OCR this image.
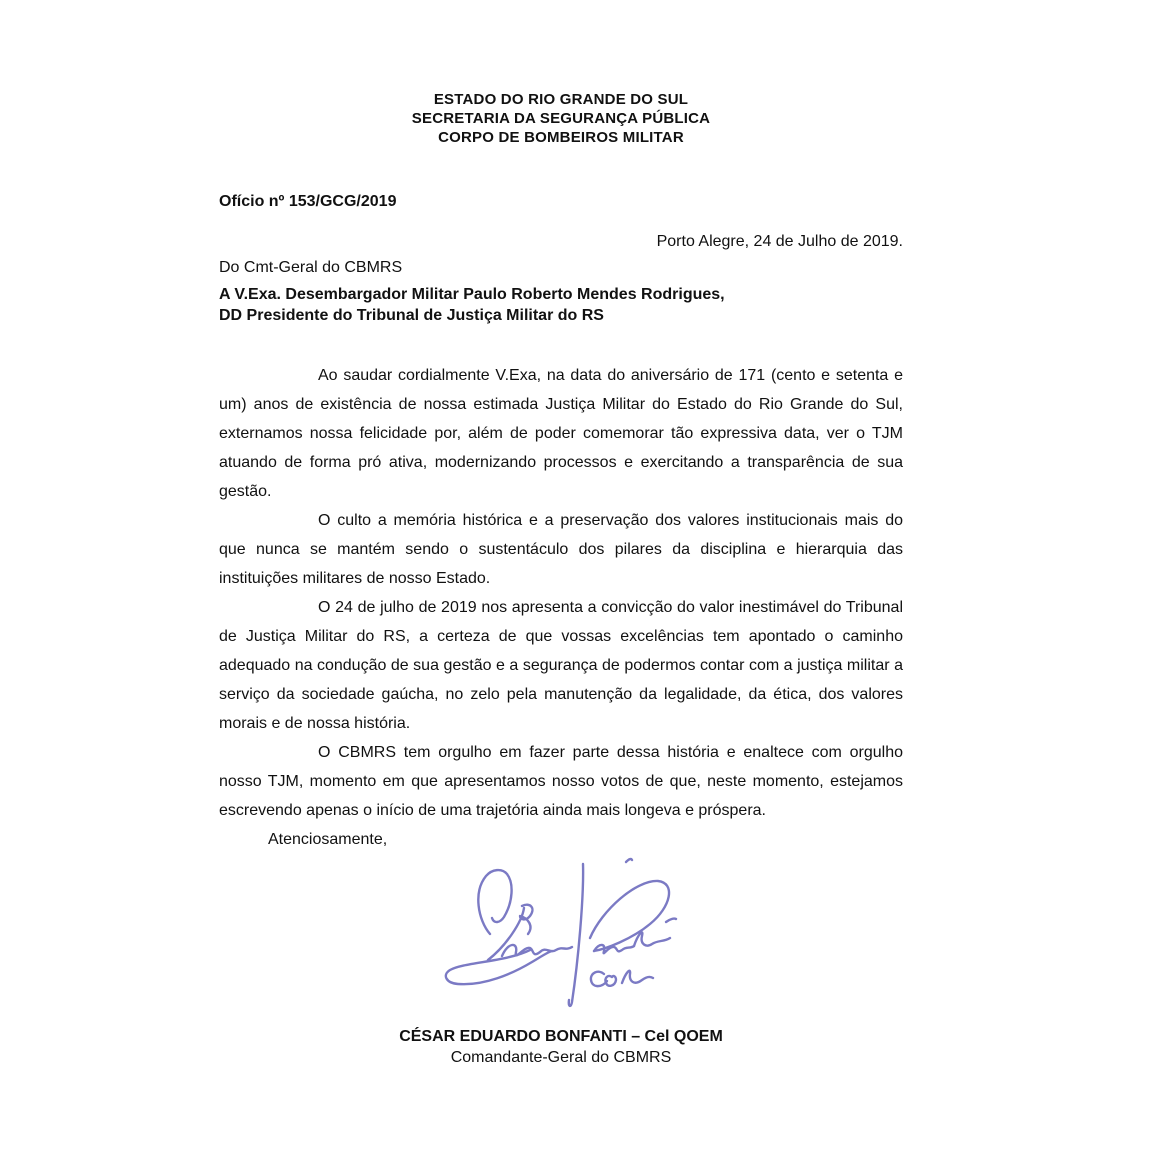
ESTADO DO RIO GRANDE DO SUL
SECRETARIA DA SEGURANÇA PÚBLICA
CORPO DE BOMBEIROS MILITAR
Ofício nº 153/GCG/2019
Porto Alegre, 24 de Julho de 2019.
Do Cmt-Geral do CBMRS
A V.Exa. Desembargador Militar Paulo Roberto Mendes Rodrigues,
DD Presidente do Tribunal de Justiça Militar do RS

Ao saudar cordialmente V.Exa, na data do aniversário de 171 (cento e setenta e um) anos de existência de nossa estimada Justiça Militar do Estado do Rio Grande do Sul, externamos nossa felicidade por, além de poder comemorar tão expressiva data, ver o TJM atuando de forma pró ativa, modernizando processos e exercitando a transparência de sua gestão.

O culto a memória histórica e a preservação dos valores institucionais mais do que nunca se mantém sendo o sustentáculo dos pilares da disciplina e hierarquia das instituições militares de nosso Estado.

O 24 de julho de 2019 nos apresenta a convicção do valor inestimável do Tribunal de Justiça Militar do RS, a certeza de que vossas excelências tem apontado o caminho adequado na condução de sua gestão e a segurança de podermos contar com a justiça militar a serviço da sociedade gaúcha, no zelo pela manutenção da legalidade, da ética, dos valores morais e de nossa história.

O CBMRS tem orgulho em fazer parte dessa história e enaltece com orgulho nosso TJM, momento em que apresentamos nosso votos de que, neste momento, estejamos escrevendo apenas o início de uma trajetória ainda mais longeva e próspera.

Atenciosamente,

CÉSAR EDUARDO BONFANTI – Cel QOEM
Comandante-Geral do CBMRS
